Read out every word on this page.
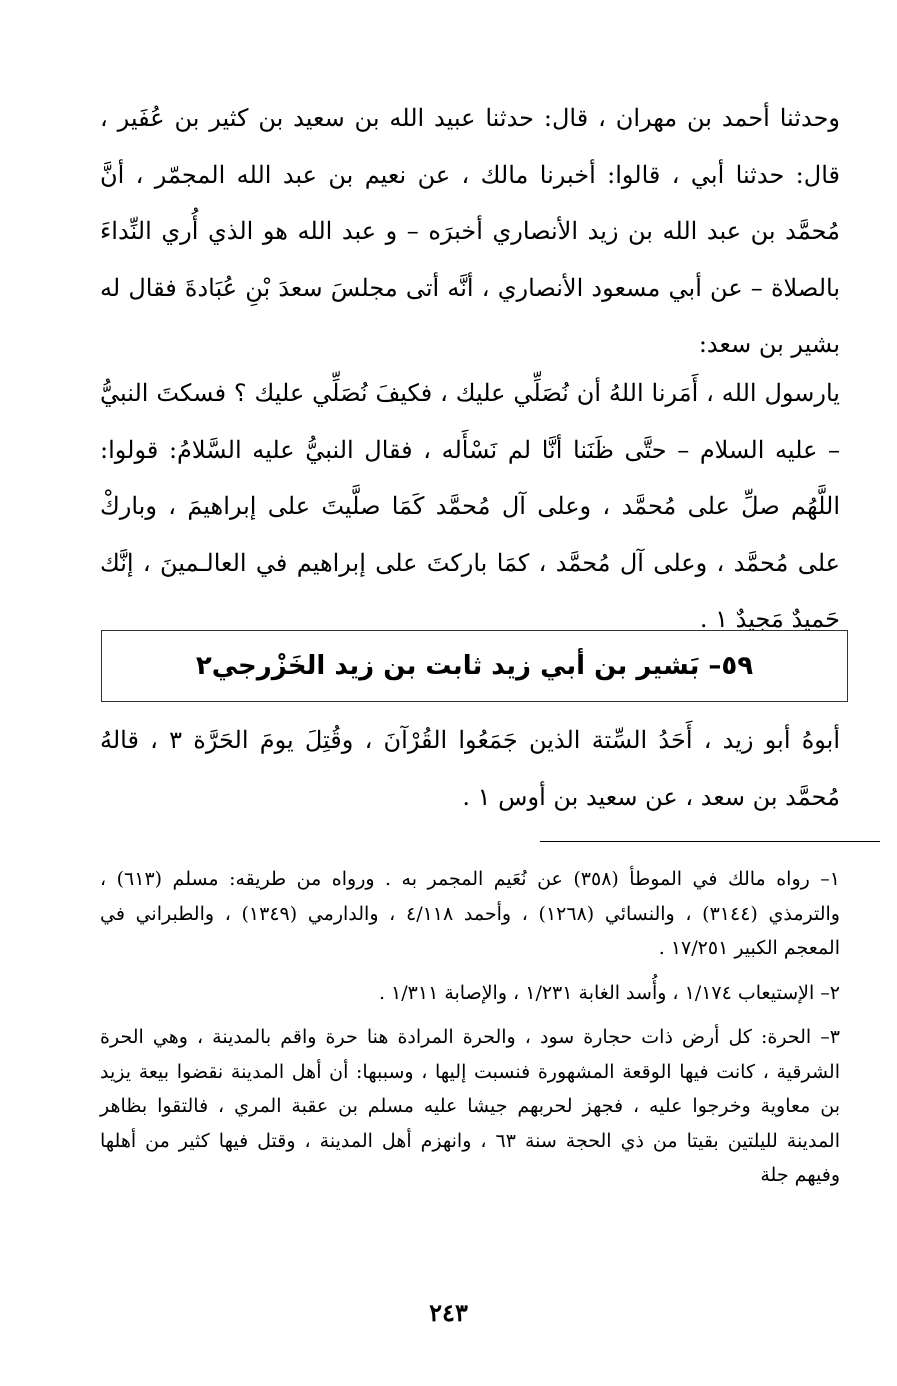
وحدثنا أحمد بن مهران ، قال: حدثنا عبيد الله بن سعيد بن كثير بن عُفَير ، قال: حدثنا أبي ، قالوا: أخبرنا مالك ، عن نعيم بن عبد الله المجمّر ، أنَّ مُحمَّد بن عبد الله بن زيد الأنصاري أخبرَه – و عبد الله هو الذي أُري النِّداءَ بالصلاة – عن أبي مسعود الأنصاري ، أنَّه أتى مجلسَ سعدَ بْنِ عُبَادةَ فقال له بشير بن سعد:

يارسول الله ، أَمَرنا اللهُ أن نُصَلِّي عليك ، فكيفَ نُصَلِّي عليك ؟ فسكتَ النبيُّ – عليه السلام – حتَّى ظَنَنا أنَّا لم نَسْأَله ، فقال النبيُّ عليه السَّلامُ: قولوا: اللَّهُم صلِّ على مُحمَّد ، وعلى آل مُحمَّد كَمَا صلَّيتَ على إبراهيمَ ، وباركْ على مُحمَّد ، وعلى آل مُحمَّد ، كمَا باركتَ على إبراهيم في العالـمينَ ، إنَّك حَميدٌ مَجيدٌ ١ .

٥٩– بَشير بن أبي زيد ثابت بن زيد الخَزْرجي٢

أبوهُ أبو زيد ، أَحَدُ السِّتة الذين جَمَعُوا القُرْآنَ ، وقُتِلَ يومَ الحَرَّة ٣ ، قالهُ مُحمَّد بن سعد ، عن سعيد بن أوس ١ .

١– رواه مالك في الموطأ (٣٥٨) عن نُعَيم المجمر به . ورواه من طريقه: مسلم (٦١٣) ، والترمذي (٣١٤٤) ، والنسائي (١٢٦٨) ، وأحمد ٤/١١٨ ، والدارمي (١٣٤٩) ، والطبراني في المعجم الكبير ١٧/٢٥١ .

٢– الإستيعاب ١/١٧٤ ، وأُسد الغابة ١/٢٣١ ، والإصابة ١/٣١١ .

٣– الحرة: كل أرض ذات حجارة سود ، والحرة المرادة هنا حرة واقم بالمدينة ، وهي الحرة الشرقية ، كانت فيها الوقعة المشهورة فنسبت إليها ، وسببها: أن أهل المدينة نقضوا بيعة يزيد بن معاوية وخرجوا عليه ، فجهز لحربهم جيشا عليه مسلم بن عقبة المري ، فالتقوا بظاهر المدينة لليلتين بقيتا من ذي الحجة سنة ٦٣ ، وانهزم أهل المدينة ، وقتل فيها كثير من أهلها وفيهم جلة

٢٤٣
